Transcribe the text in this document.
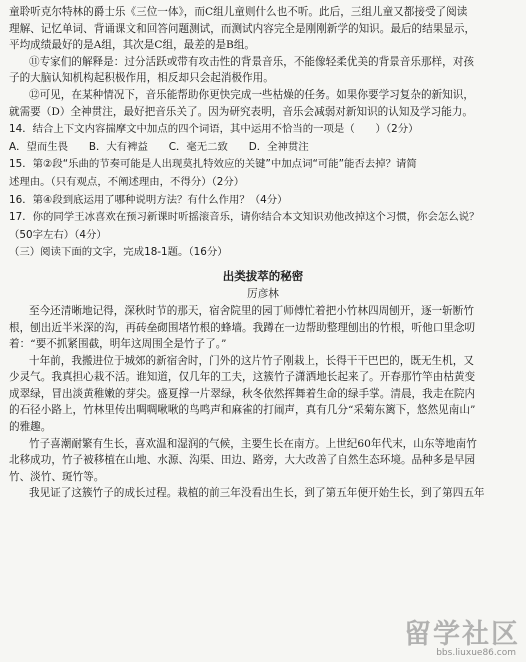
童聆听克尔特林的爵士乐《三位一体》，而C组儿童则什么也不听。此后，三组儿童又都接受了阅读
理解、记忆单词、背诵课文和回答问题测试，而测试内容完全是刚刚新学的知识。最后的结果显示，
平均成绩最好的是A组，其次是C组，最差的是B组。
⑪专家们的解释是：过分活跃或带有攻击性的背景音乐，不能像轻柔优美的背景音乐那样，对孩
子的大脑认知机构起积极作用，相反却只会起消极作用。
⑫可见，在某种情况下，音乐能帮助你更快完成一些枯燥的任务。如果你要学习复杂的新知识，
就需要（D）全神贯注，最好把音乐关了。因为研究表明，音乐会减弱对新知识的认知及学习能力。
14．结合上下文内容揣摩文中加点的四个词语，其中运用不恰当的一项是（　　）（2分）
A．望而生畏　　B．大有裨益　　C．毫无二致　　D．全神贯注
15．第②段“乐曲的节奏可能是人出现莫扎特效应的关键”中加点词“可能”能否去掉？请简
述理由。（只有观点，不阐述理由，不得分）（2分）
16．第④段到底运用了哪种说明方法？有什么作用？（4分）
17．你的同学王冰喜欢在预习新课时听摇滚音乐，请你结合本文知识劝他改掉这个习惯，你会怎么说？
（50字左右）（4分）
（三）阅读下面的文字，完成18-1题。（16分）
出类拔萃的秘密
厉彦林
至今还清晰地记得，深秋时节的那天，宿舍院里的园丁师傅忙着把小竹林四周刨开，逐一斩断竹
根，刨出近半米深的沟，再砖垒砌围堵竹根的蜂墙。我蹲在一边帮助整理刨出的竹根，听他口里念叨
着：“要不抓紧围截，明年这周围全是竹子了。”
十年前，我搬进位于城郊的新宿舍时，门外的这片竹子刚栽上，长得干干巴巴的，既无生机，又
少灵气。我真担心栽不活。谁知道，仅几年的工夫，这簇竹子潇洒地长起来了。开春那竹竿由枯黄变
成翠绿，冒出淡黄稚嫩的芽尖。盛夏撑一片翠绿，秋冬依然挥舞着生命的绿手掌。清晨，我走在院内
的石径小路上，竹林里传出啁啁啾啾的鸟鸣声和麻雀的打闹声，真有几分“采菊东篱下，悠然见南山”
的雅趣。
竹子喜潮耐繁有生长，喜欢温和湿润的气候，主要生长在南方。上世纪60年代末，山东等地南竹
北移成功，竹子被移植在山地、水源、沟渠、田边、路旁，大大改善了自然生态环境。品种多是早园
竹、淡竹、斑竹等。
我见证了这簇竹子的成长过程。栽植的前三年没看出生长，到了第五年便开始生长，到了第四五年
留学社区
bbs.liuxue86.com
